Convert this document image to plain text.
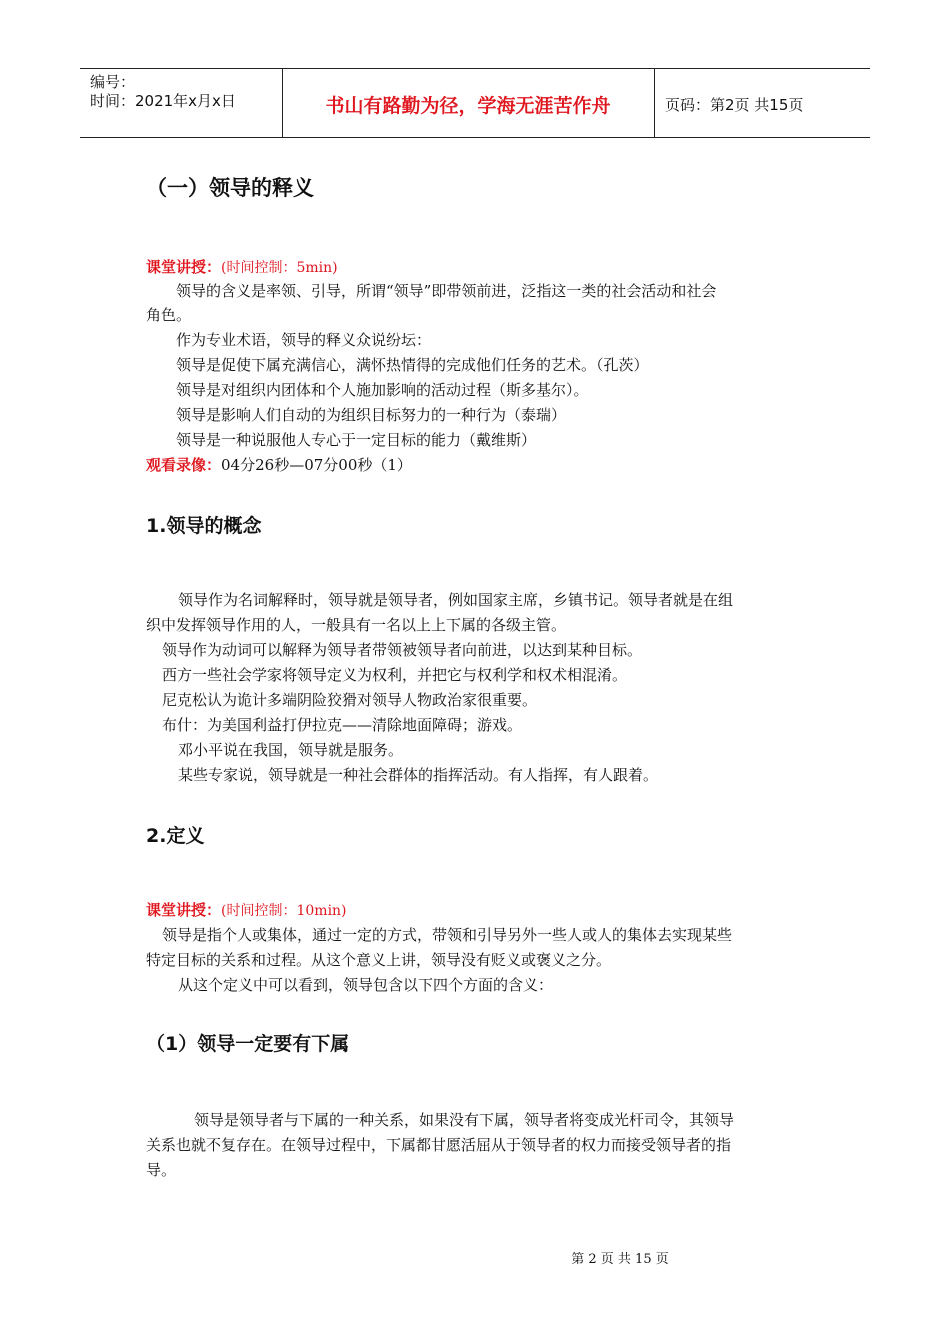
编号：
时间：2021年x月x日	书山有路勤为径，学海无涯苦作舟	页码：第2页 共15页
（一）领导的释义
课堂讲授：(时间控制：5min)
领导的含义是率领、引导，所谓“领导”即带领前进，泛指这一类的社会活动和社会
角色。
作为专业术语，领导的释义众说纷坛：
领导是促使下属充满信心，满怀热情得的完成他们任务的艺术。（孔茨）
领导是对组织内团体和个人施加影响的活动过程（斯多基尔）。
领导是影响人们自动的为组织目标努力的一种行为（泰瑞）
领导是一种说服他人专心于一定目标的能力（戴维斯）
观看录像：04分26秒—07分00秒（1）
1.领导的概念
领导作为名词解释时，领导就是领导者，例如国家主席，乡镇书记。领导者就是在组
织中发挥领导作用的人，一般具有一名以上上下属的各级主管。
领导作为动词可以解释为领导者带领被领导者向前进，以达到某种目标。
西方一些社会学家将领导定义为权利，并把它与权利学和权术相混淆。
尼克松认为诡计多端阴险狡猾对领导人物政治家很重要。
布什：为美国利益打伊拉克——清除地面障碍；游戏。
邓小平说在我国，领导就是服务。
某些专家说，领导就是一种社会群体的指挥活动。有人指挥，有人跟着。
2.定义
课堂讲授：(时间控制：10min)
领导是指个人或集体，通过一定的方式，带领和引导另外一些人或人的集体去实现某些
特定目标的关系和过程。从这个意义上讲，领导没有贬义或褒义之分。
从这个定义中可以看到，领导包含以下四个方面的含义：
（1）领导一定要有下属
领导是领导者与下属的一种关系，如果没有下属，领导者将变成光杆司令，其领导
关系也就不复存在。在领导过程中，下属都甘愿活屈从于领导者的权力而接受领导者的指
导。
第 2 页 共 15 页
